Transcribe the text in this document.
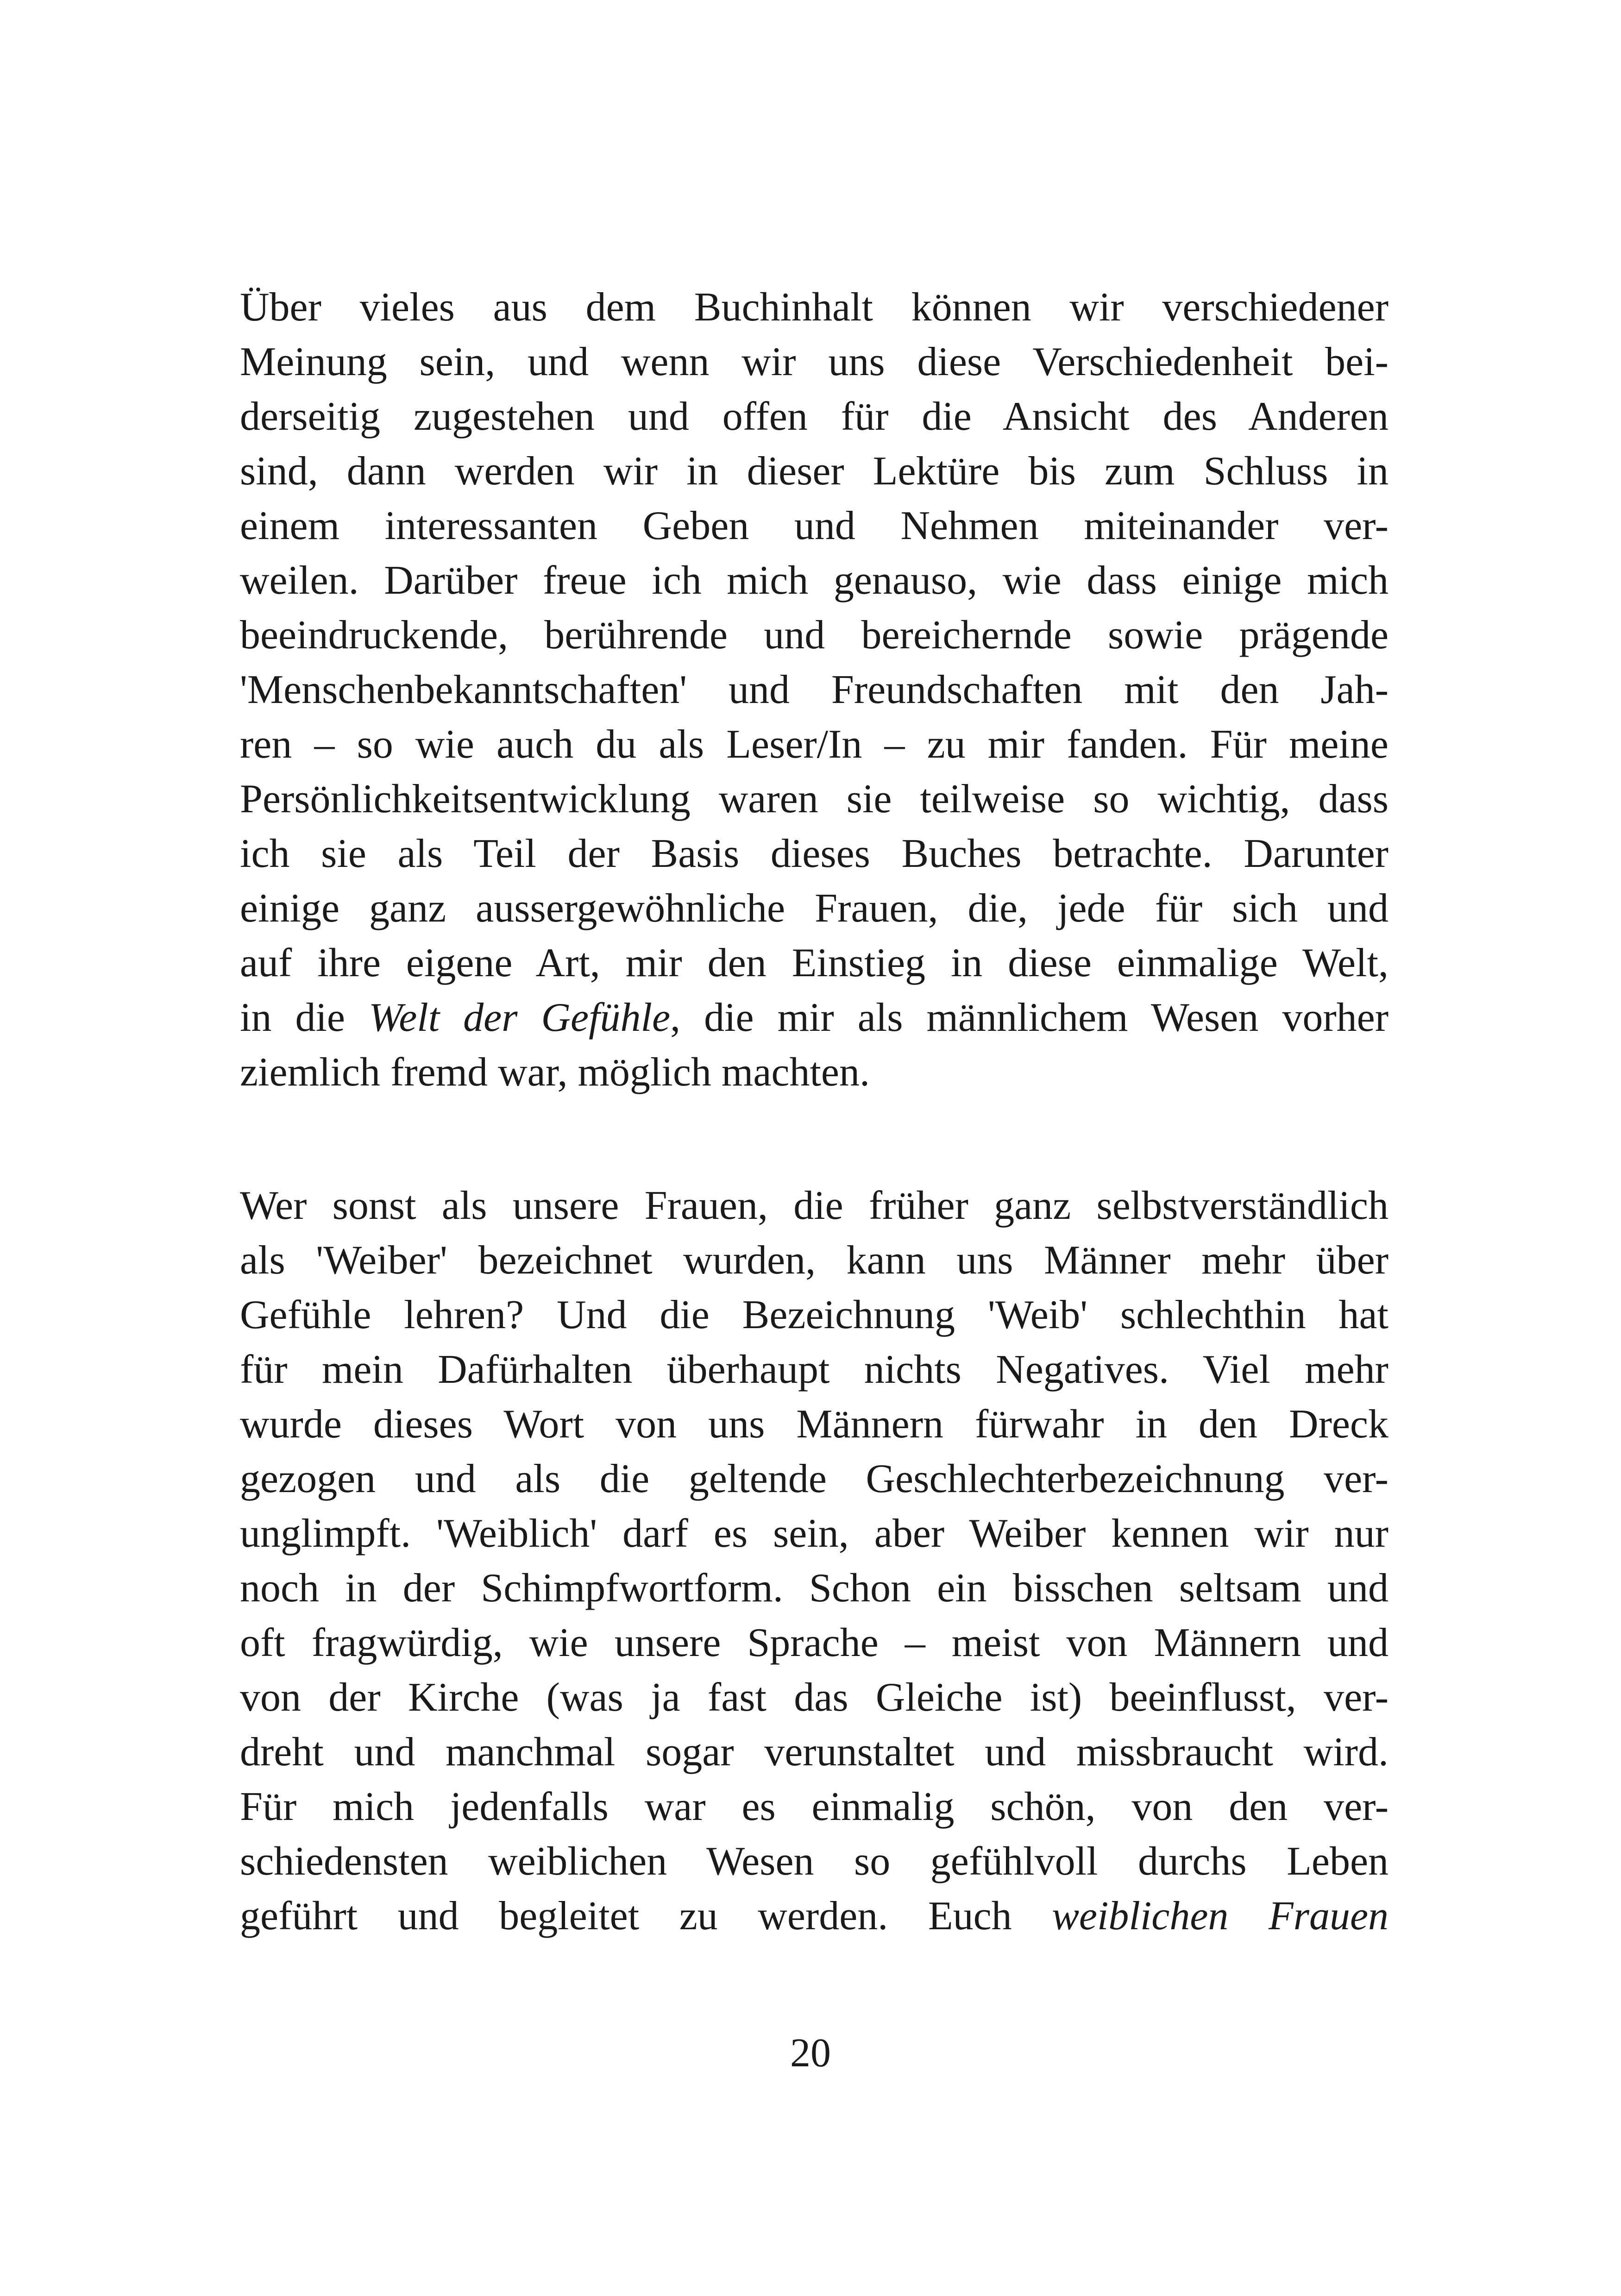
Über vieles aus dem Buchinhalt können wir verschiedener
Meinung sein, und wenn wir uns diese Verschiedenheit bei-
derseitig zugestehen und offen für die Ansicht des Anderen
sind, dann werden wir in dieser Lektüre bis zum Schluss in
einem interessanten Geben und Nehmen miteinander ver-
weilen. Darüber freue ich mich genauso, wie dass einige mich
beeindruckende, berührende und bereichernde sowie prägende
'Menschenbekanntschaften' und Freundschaften mit den Jah-
ren – so wie auch du als Leser/In – zu mir fanden. Für meine
Persönlichkeitsentwicklung waren sie teilweise so wichtig, dass
ich sie als Teil der Basis dieses Buches betrachte. Darunter
einige ganz aussergewöhnliche Frauen, die, jede für sich und
auf ihre eigene Art, mir den Einstieg in diese einmalige Welt,
in die Welt der Gefühle, die mir als männlichem Wesen vorher
ziemlich fremd war, möglich machten.
Wer sonst als unsere Frauen, die früher ganz selbstverständlich
als 'Weiber' bezeichnet wurden, kann uns Männer mehr über
Gefühle lehren? Und die Bezeichnung 'Weib' schlechthin hat
für mein Dafürhalten überhaupt nichts Negatives. Viel mehr
wurde dieses Wort von uns Männern fürwahr in den Dreck
gezogen und als die geltende Geschlechterbezeichnung ver-
unglimpft. 'Weiblich' darf es sein, aber Weiber kennen wir nur
noch in der Schimpfwortform. Schon ein bisschen seltsam und
oft fragwürdig, wie unsere Sprache – meist von Männern und
von der Kirche (was ja fast das Gleiche ist) beeinflusst, ver-
dreht und manchmal sogar verunstaltet und missbraucht wird.
Für mich jedenfalls war es einmalig schön, von den ver-
schiedensten weiblichen Wesen so gefühlvoll durchs Leben
geführt und begleitet zu werden. Euch weiblichen Frauen
20
